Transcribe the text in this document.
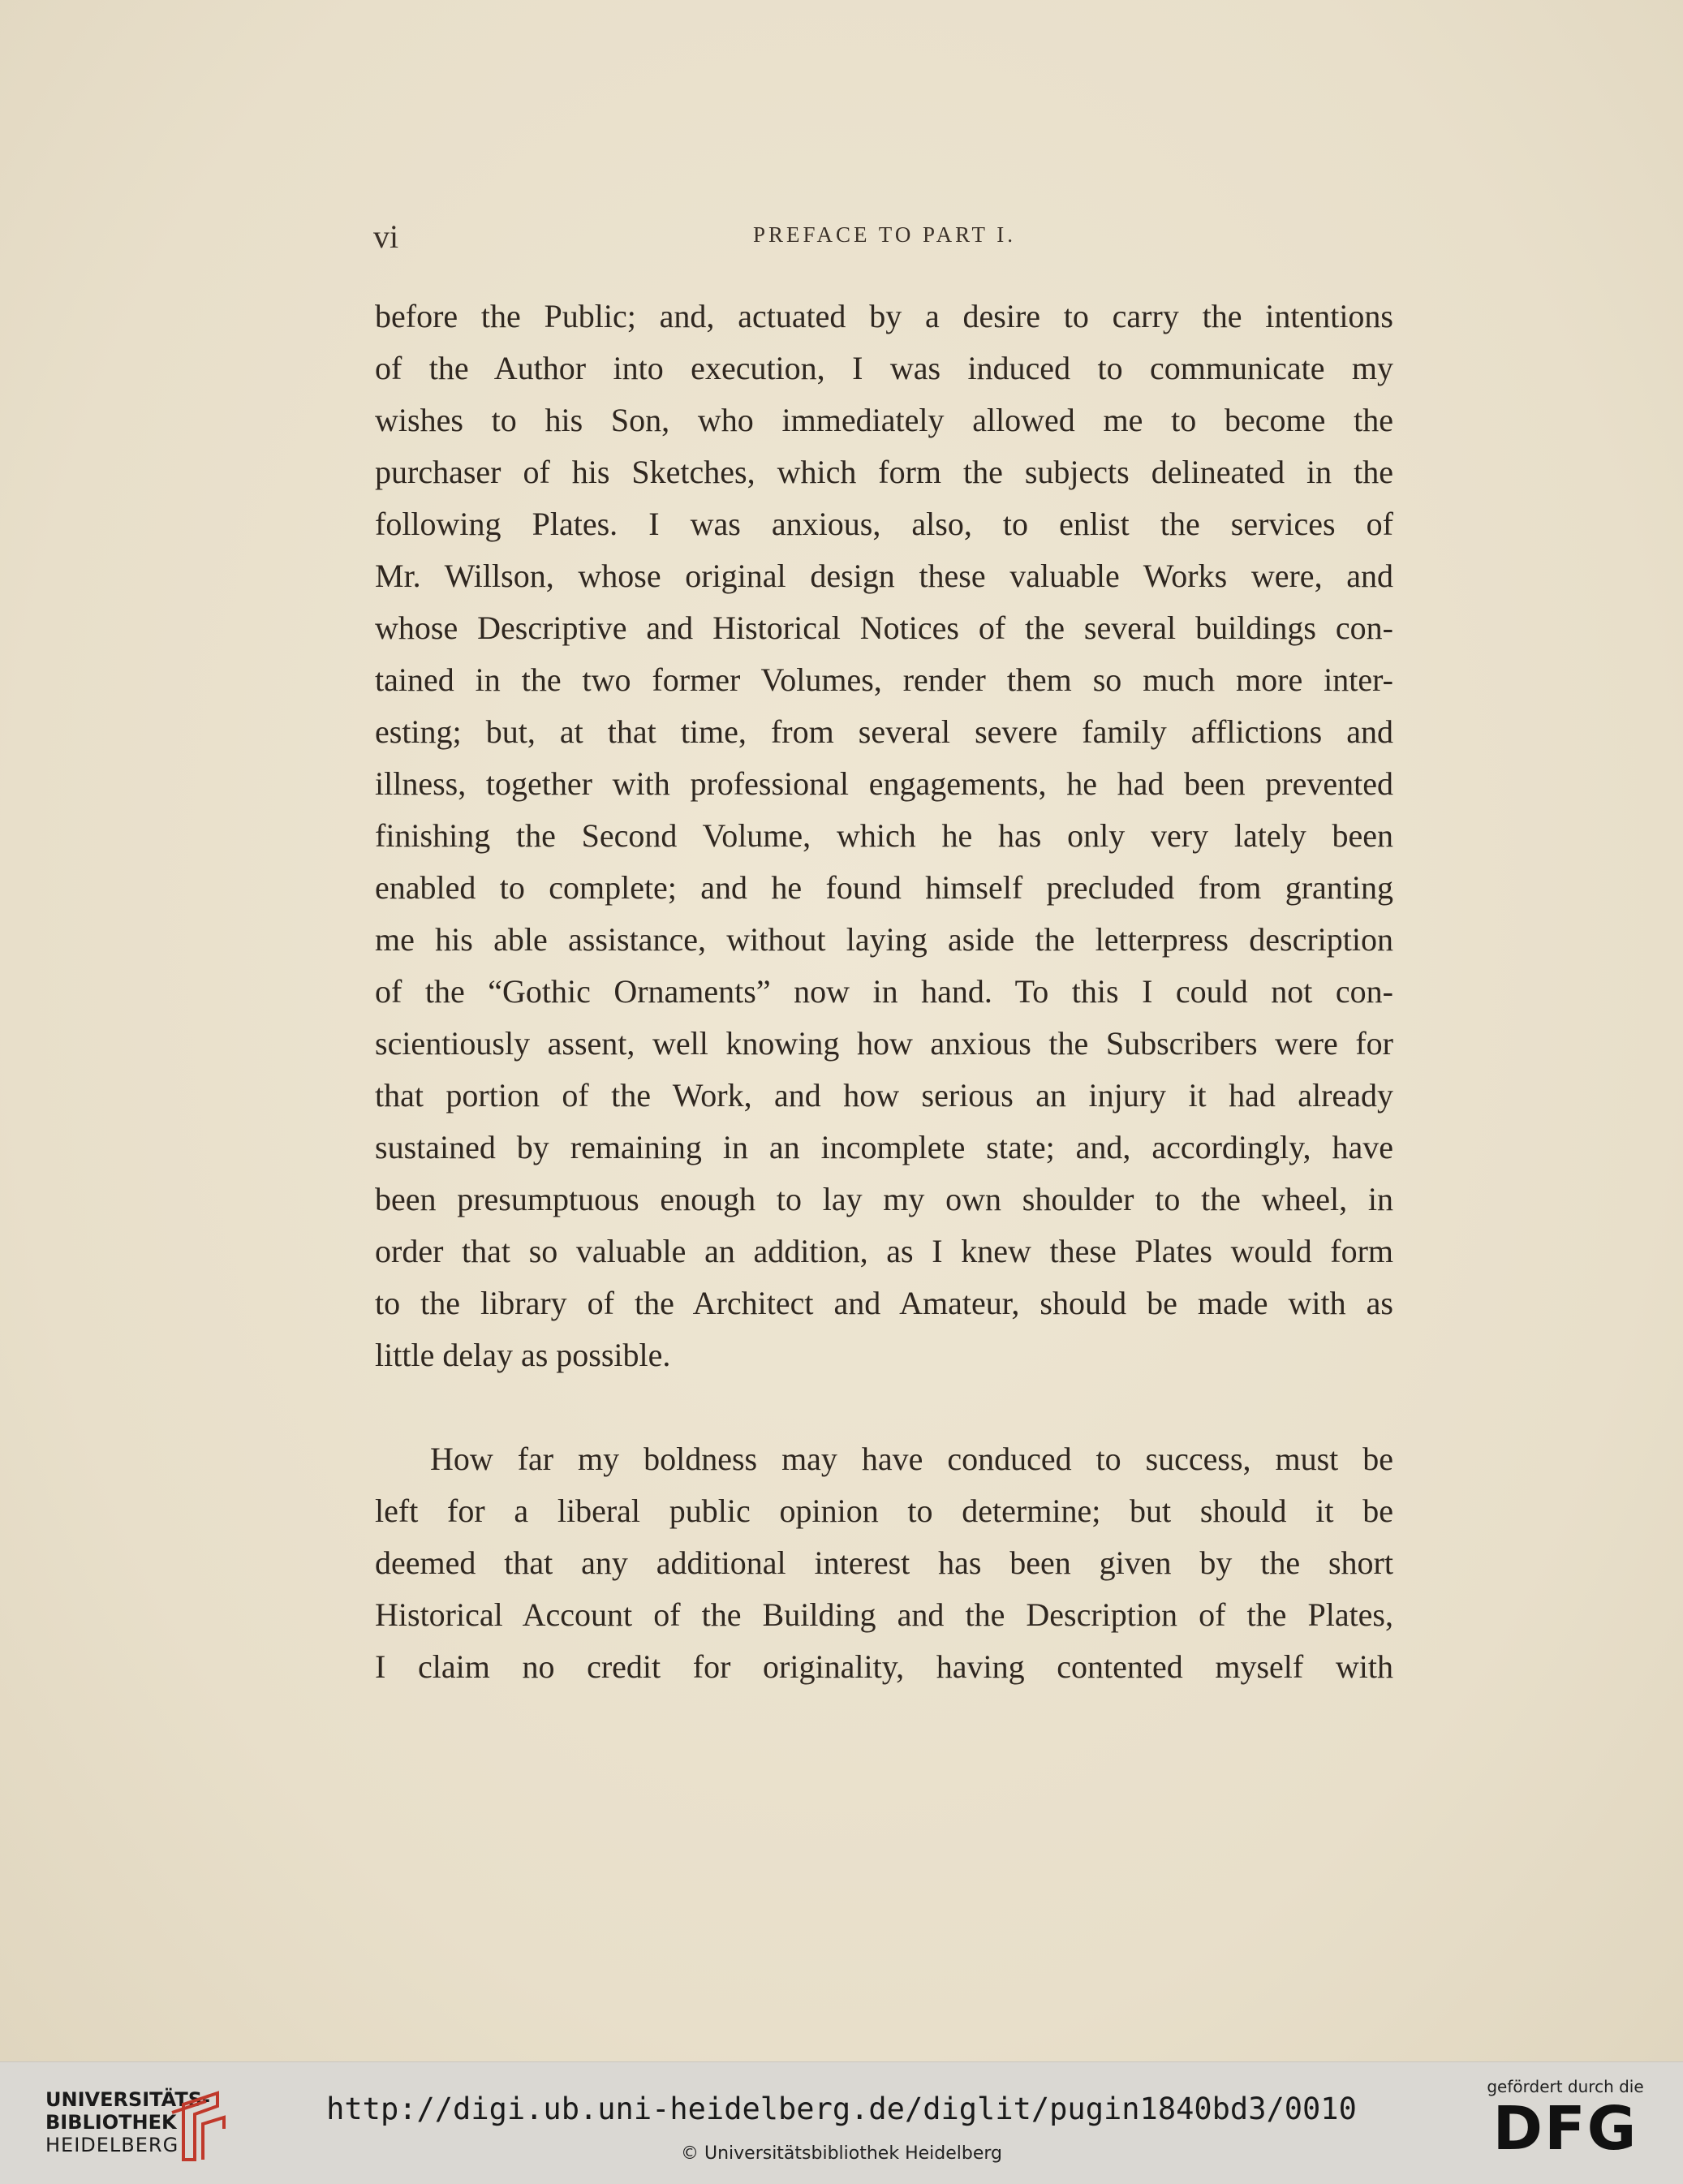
vi	PREFACE TO PART I.
before the Public; and, actuated by a desire to carry the intentions
of the Author into execution, I was induced to communicate my
wishes to his Son, who immediately allowed me to become the
purchaser of his Sketches, which form the subjects delineated in the
following Plates. I was anxious, also, to enlist the services of
Mr. Willson, whose original design these valuable Works were, and
whose Descriptive and Historical Notices of the several buildings con-
tained in the two former Volumes, render them so much more inter-
esting; but, at that time, from several severe family afflictions and
illness, together with professional engagements, he had been prevented
finishing the Second Volume, which he has only very lately been
enabled to complete; and he found himself precluded from granting
me his able assistance, without laying aside the letterpress description
of the “Gothic Ornaments” now in hand. To this I could not con-
scientiously assent, well knowing how anxious the Subscribers were for
that portion of the Work, and how serious an injury it had already
sustained by remaining in an incomplete state; and, accordingly, have
been presumptuous enough to lay my own shoulder to the wheel, in
order that so valuable an addition, as I knew these Plates would form
to the library of the Architect and Amateur, should be made with as
little delay as possible.
How far my boldness may have conduced to success, must be
left for a liberal public opinion to determine; but should it be
deemed that any additional interest has been given by the short
Historical Account of the Building and the Description of the Plates,
I claim no credit for originality, having contented myself with
UNIVERSITÄTS-
BIBLIOTHEK
HEIDELBERG
http://digi.ub.uni-heidelberg.de/diglit/pugin1840bd3/0010
© Universitätsbibliothek Heidelberg
gefördert durch die
DFG
